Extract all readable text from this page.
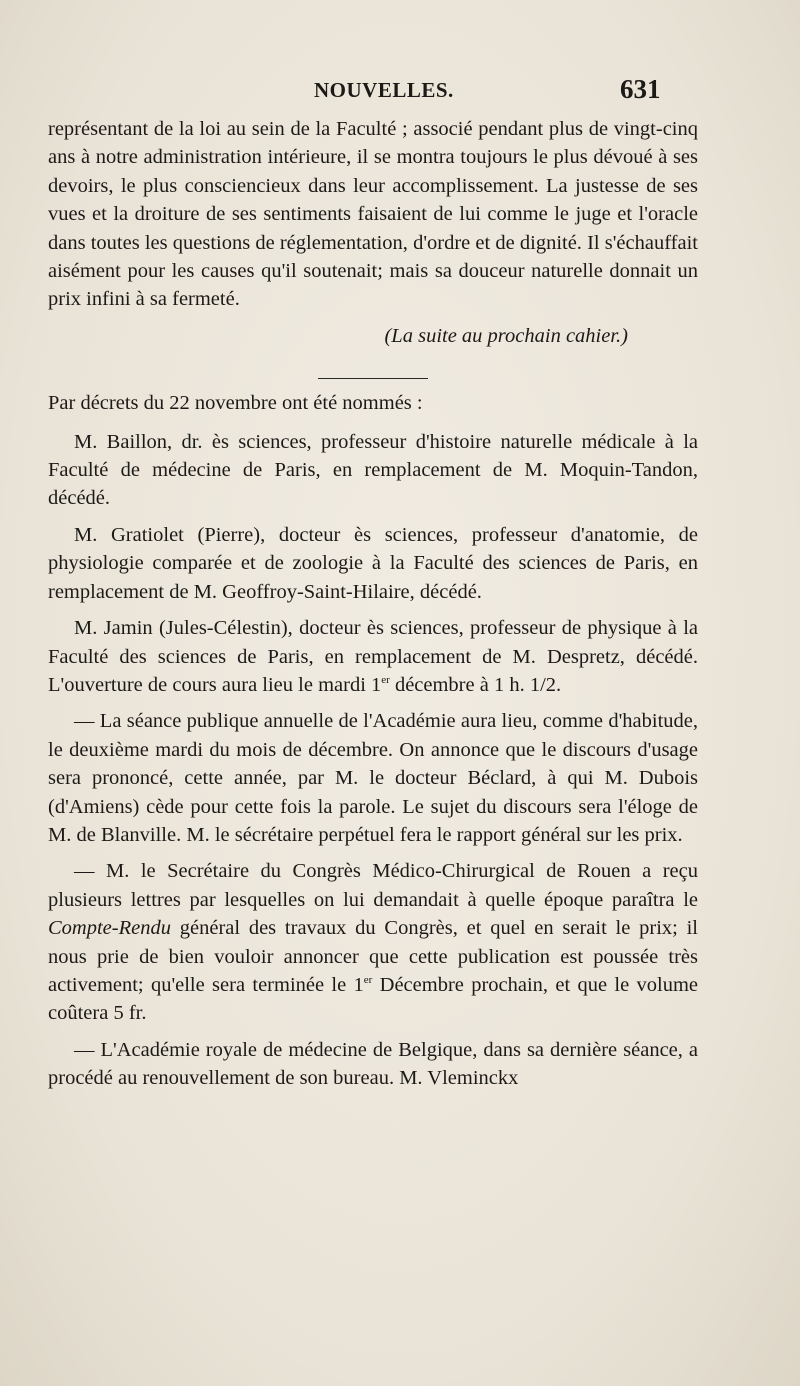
NOUVELLES.	631

représentant de la loi au sein de la Faculté ; associé pendant plus de vingt-cinq ans à notre administration intérieure, il se montra toujours le plus dévoué à ses devoirs, le plus consciencieux dans leur accomplissement. La justesse de ses vues et la droiture de ses sentiments faisaient de lui comme le juge et l'oracle dans toutes les questions de réglementation, d'ordre et de dignité. Il s'échauffait aisément pour les causes qu'il soutenait; mais sa douceur naturelle donnait un prix infini à sa fermeté.

(La suite au prochain cahier.)

Par décrets du 22 novembre ont été nommés :

M. Baillon, dr. ès sciences, professeur d'histoire naturelle médicale à la Faculté de médecine de Paris, en remplacement de M. Moquin-Tandon, décédé.

M. Gratiolet (Pierre), docteur ès sciences, professeur d'anatomie, de physiologie comparée et de zoologie à la Faculté des sciences de Paris, en remplacement de M. Geoffroy-Saint-Hilaire, décédé.

M. Jamin (Jules-Célestin), docteur ès sciences, professeur de physique à la Faculté des sciences de Paris, en remplacement de M. Despretz, décédé. L'ouverture de cours aura lieu le mardi 1er décembre à 1 h. 1/2.

— La séance publique annuelle de l'Académie aura lieu, comme d'habitude, le deuxième mardi du mois de décembre. On annonce que le discours d'usage sera prononcé, cette année, par M. le docteur Béclard, à qui M. Dubois (d'Amiens) cède pour cette fois la parole. Le sujet du discours sera l'éloge de M. de Blanville. M. le sécrétaire perpétuel fera le rapport général sur les prix.

— M. le Secrétaire du Congrès Médico-Chirurgical de Rouen a reçu plusieurs lettres par lesquelles on lui demandait à quelle époque paraîtra le Compte-Rendu général des travaux du Congrès, et quel en serait le prix; il nous prie de bien vouloir annoncer que cette publication est poussée très activement; qu'elle sera terminée le 1er Décembre prochain, et que le volume coûtera 5 fr.

— L'Académie royale de médecine de Belgique, dans sa dernière séance, a procédé au renouvellement de son bureau. M. Vleminckx
